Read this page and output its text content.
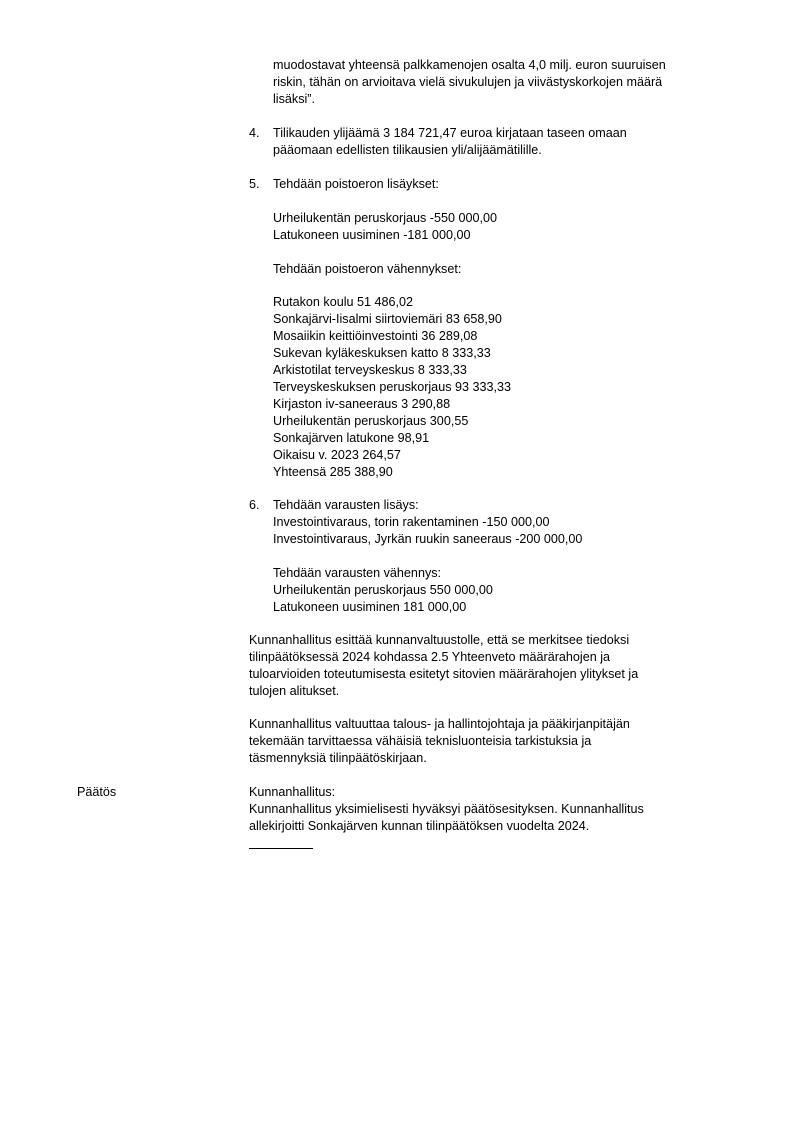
muodostavat yhteensä palkkamenojen osalta 4,0 milj. euron suuruisen
riskin, tähän on arvioitava vielä sivukulujen ja viivästyskorkojen määrä
lisäksi”.
4. Tilikauden ylijäämä 3 184 721,47 euroa kirjataan taseen omaan
pääomaan edellisten tilikausien yli/alijäämätilille.
5. Tehdään poistoeron lisäykset:
Urheilukentän peruskorjaus -550 000,00
Latukoneen uusiminen -181 000,00
Tehdään poistoeron vähennykset:
Rutakon koulu 51 486,02
Sonkajärvi-Iisalmi siirtoviemäri 83 658,90
Mosaiikin keittiöinvestointi 36 289,08
Sukevan kyläkeskuksen katto 8 333,33
Arkistotilat terveyskeskus 8 333,33
Terveyskeskuksen peruskorjaus 93 333,33
Kirjaston iv-saneeraus 3 290,88
Urheilukentän peruskorjaus 300,55
Sonkajärven latukone 98,91
Oikaisu v. 2023 264,57
Yhteensä 285 388,90
6. Tehdään varausten lisäys:
Investointivaraus, torin rakentaminen -150 000,00
Investointivaraus, Jyrkän ruukin saneeraus -200 000,00
Tehdään varausten vähennys:
Urheilukentän peruskorjaus 550 000,00
Latukoneen uusiminen 181 000,00
Kunnanhallitus esittää kunnanvaltuustolle, että se merkitsee tiedoksi
tilinpäätöksessä 2024 kohdassa 2.5 Yhteenveto määrärahojen ja
tuloarvioiden toteutumisesta esitetyt sitovien määrärahojen ylitykset ja
tulojen alitukset.
Kunnanhallitus valtuuttaa talous- ja hallintojohtaja ja pääkirjanpitäjän
tekemään tarvittaessa vähäisiä teknisluonteisia tarkistuksia ja
täsmennyksiä tilinpäätöskirjaan.
Päätös	Kunnanhallitus:
Kunnanhallitus yksimielisesti hyväksyi päätösesityksen. Kunnanhallitus
allekirjoitti Sonkajärven kunnan tilinpäätöksen vuodelta 2024.
